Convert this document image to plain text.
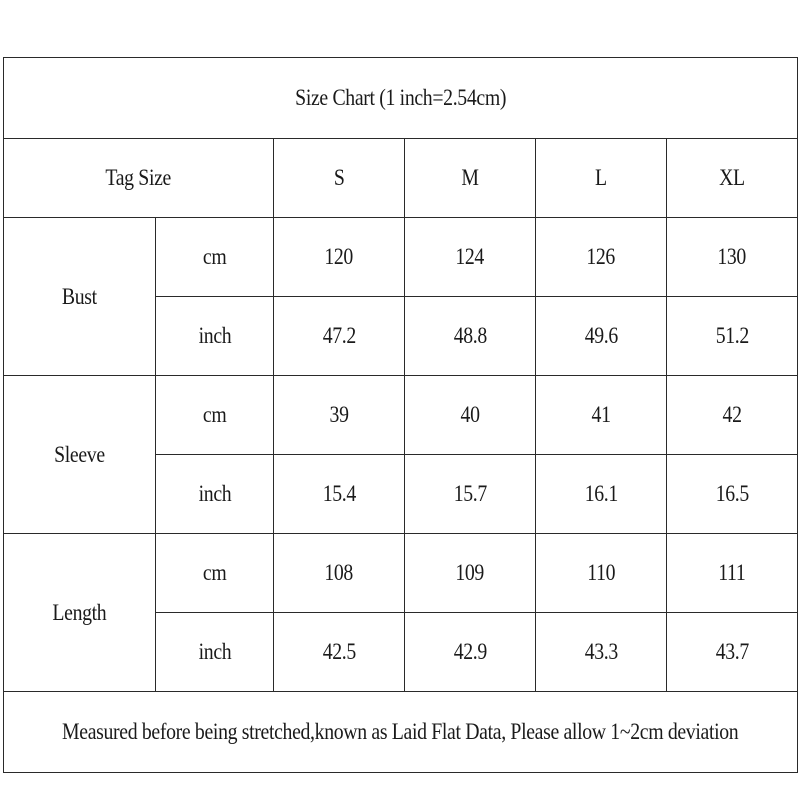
Size Chart (1 inch=2.54cm)					
Tag Size		S	M	L	XL
Bust	cm	120	124	126	130
	inch	47.2	48.8	49.6	51.2
Sleeve	cm	39	40	41	42
	inch	15.4	15.7	16.1	16.5
Length	cm	108	109	110	111
	inch	42.5	42.9	43.3	43.7
Measured before being stretched,known as Laid Flat Data, Please allow 1~2cm deviation					
